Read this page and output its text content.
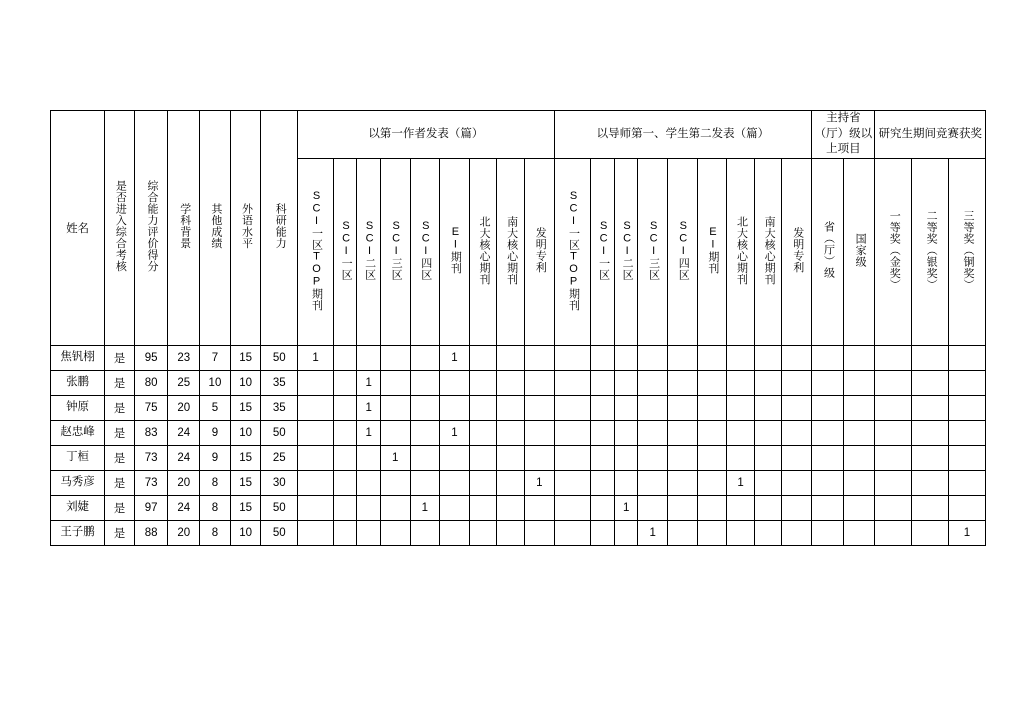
姓名	是否进入综合考核	综合能力评价得分	学科背景	其他成绩	外语水平	科研能力	以第一作者发表（篇）									以导师第一、学生第二发表（篇）									主持省（厅）级以上项目		研究生期间竞赛获奖		
							SCI一区TOP期刊	SCI一区	SCI二区	SCI三区	SCI四区	EI期刊	北大核心期刊	南大核心期刊	发明专利	SCI一区TOP期刊	SCI一区	SCI二区	SCI三区	SCI四区	EI期刊	北大核心期刊	南大核心期刊	发明专利	省（厅）级	国家级	一等奖（金奖）	二等奖（银奖）	三等奖（铜奖）
焦钒栩	是	95	23	7	15	50	1					1																	
张鹏	是	80	25	10	10	35			1																				
钟原	是	75	20	5	15	35			1																				
赵忠峰	是	83	24	9	10	50			1			1																	
丁桓	是	73	24	9	15	25				1																			
马秀彦	是	73	20	8	15	30									1							1							
刘婕	是	97	24	8	15	50					1							1											
王子鹏	是	88	20	8	10	50													1										1
